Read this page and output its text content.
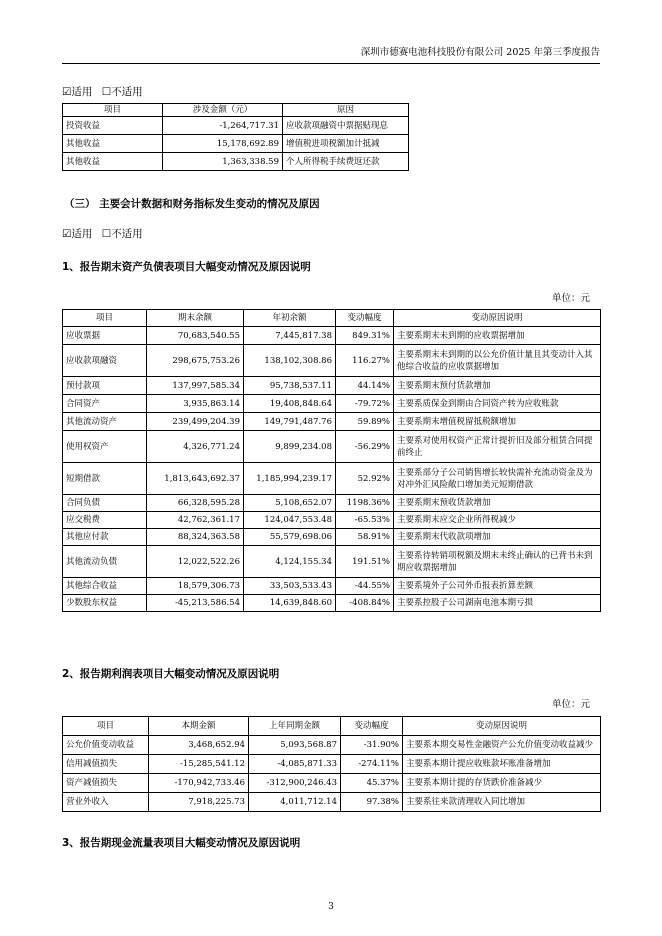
深圳市德赛电池科技股份有限公司 2025 年第三季度报告
☑适用 ☐不适用
项目	涉及金额（元）	原因
投资收益	-1,264,717.31	应收款项融资中票据贴现息
其他收益	15,178,692.89	增值税进项税额加计抵减
其他收益	1,363,338.59	个人所得税手续费返还款
（三） 主要会计数据和财务指标发生变动的情况及原因
☑适用 ☐不适用
1、报告期末资产负债表项目大幅变动情况及原因说明
单位：元
项目	期末余额	年初余额	变动幅度	变动原因说明
应收票据	70,683,540.55	7,445,817.38	849.31%	主要系期末未到期的应收票据增加
应收款项融资	298,675,753.26	138,102,308.86	116.27%	主要系期末未到期的以公允价值计量且其变动计入其他综合收益的应收票据增加
预付款项	137,997,585.34	95,738,537.11	44.14%	主要系期末预付货款增加
合同资产	3,935,863.14	19,408,848.64	-79.72%	主要系质保金到期由合同资产转为应收账款
其他流动资产	239,499,204.39	149,791,487.76	59.89%	主要系期末增值税留抵税额增加
使用权资产	4,326,771.24	9,899,234.08	-56.29%	主要系对使用权资产正常计提折旧及部分租赁合同提前终止
短期借款	1,813,643,692.37	1,185,994,239.17	52.92%	主要系部分子公司销售增长较快需补充流动资金及为对冲外汇风险敞口增加美元短期借款
合同负债	66,328,595.28	5,108,652.07	1198.36%	主要系期末预收货款增加
应交税费	42,762,361.17	124,047,553.48	-65.53%	主要系期末应交企业所得税减少
其他应付款	88,324,363.58	55,579,698.06	58.91%	主要系期末代收款项增加
其他流动负债	12,022,522.26	4,124,155.34	191.51%	主要系待转销项税额及期末未终止确认的已背书未到期应收票据增加
其他综合收益	18,579,306.73	33,503,533.43	-44.55%	主要系境外子公司外币报表折算差额
少数股东权益	-45,213,586.54	14,639,848.60	-408.84%	主要系控股子公司湖南电池本期亏损
2、报告期利润表项目大幅变动情况及原因说明
单位：元
项目	本期金额	上年同期金额	变动幅度	变动原因说明
公允价值变动收益	3,468,652.94	5,093,568.87	-31.90%	主要系本期交易性金融资产公允价值变动收益减少
信用减值损失	-15,285,541.12	-4,085,871.33	-274.11%	主要系本期计提应收账款坏账准备增加
资产减值损失	-170,942,733.46	-312,900,246.43	45.37%	主要系本期计提的存货跌价准备减少
营业外收入	7,918,225.73	4,011,712.14	97.38%	主要系往来款清理收入同比增加
3、报告期现金流量表项目大幅变动情况及原因说明
3
